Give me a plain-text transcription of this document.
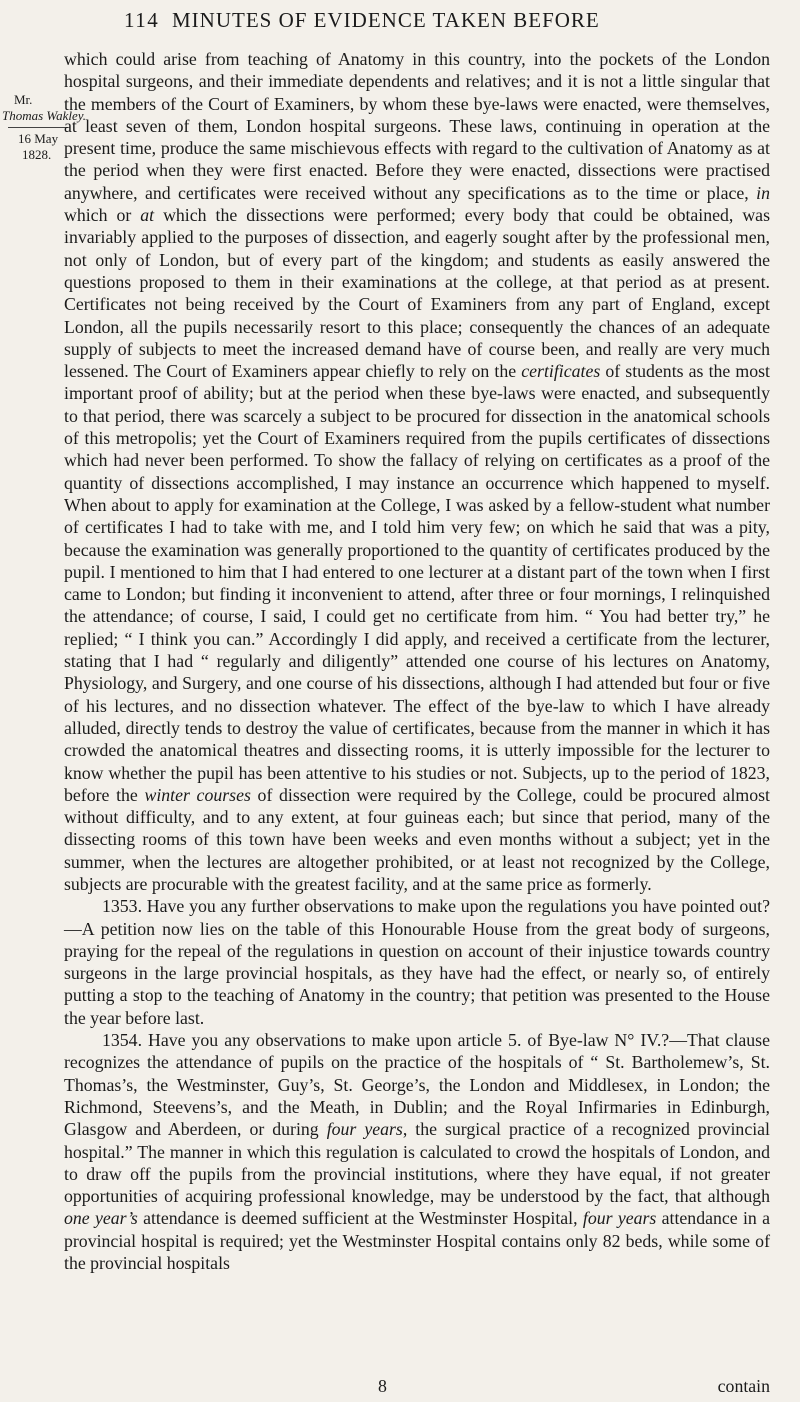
114 MINUTES OF EVIDENCE TAKEN BEFORE
Mr.
Thomas Wakley.
16 May
1828.

which could arise from teaching of Anatomy in this country, into the pockets of the London hospital surgeons, and their immediate dependents and relatives; and it is not a little singular that the members of the Court of Examiners, by whom these bye-laws were enacted, were themselves, at least seven of them, London hospital surgeons. These laws, continuing in operation at the present time, produce the same mischievous effects with regard to the cultivation of Anatomy as at the period when they were first enacted. Before they were enacted, dissections were practised anywhere, and certificates were received without any specifications as to the time or place, in which or at which the dissections were performed; every body that could be obtained, was invariably applied to the purposes of dissection, and eagerly sought after by the professional men, not only of London, but of every part of the kingdom; and students as easily answered the questions proposed to them in their examinations at the college, at that period as at present. Certificates not being received by the Court of Examiners from any part of England, except London, all the pupils necessarily resort to this place; consequently the chances of an adequate supply of subjects to meet the increased demand have of course been, and really are very much lessened. The Court of Examiners appear chiefly to rely on the certificates of students as the most important proof of ability; but at the period when these bye-laws were enacted, and subsequently to that period, there was scarcely a subject to be procured for dissection in the anatomical schools of this metropolis; yet the Court of Examiners required from the pupils certificates of dissections which had never been performed. To show the fallacy of relying on certificates as a proof of the quantity of dissections accomplished, I may instance an occurrence which happened to myself. When about to apply for examination at the College, I was asked by a fellow-student what number of certificates I had to take with me, and I told him very few; on which he said that was a pity, because the examination was generally proportioned to the quantity of certificates produced by the pupil. I mentioned to him that I had entered to one lecturer at a distant part of the town when I first came to London; but finding it inconvenient to attend, after three or four mornings, I relinquished the attendance; of course, I said, I could get no certificate from him. “ You had better try,” he replied; “ I think you can.” Accordingly I did apply, and received a certificate from the lecturer, stating that I had “ regularly and diligently” attended one course of his lectures on Anatomy, Physiology, and Surgery, and one course of his dissections, although I had attended but four or five of his lectures, and no dissection whatever. The effect of the bye-law to which I have already alluded, directly tends to destroy the value of certificates, because from the manner in which it has crowded the anatomical theatres and dissecting rooms, it is utterly impossible for the lecturer to know whether the pupil has been attentive to his studies or not. Subjects, up to the period of 1823, before the winter courses of dissection were required by the College, could be procured almost without difficulty, and to any extent, at four guineas each; but since that period, many of the dissecting rooms of this town have been weeks and even months without a subject; yet in the summer, when the lectures are altogether prohibited, or at least not recognized by the College, subjects are procurable with the greatest facility, and at the same price as formerly.

1353. Have you any further observations to make upon the regulations you have pointed out?—A petition now lies on the table of this Honourable House from the great body of surgeons, praying for the repeal of the regulations in question on account of their injustice towards country surgeons in the large provincial hospitals, as they have had the effect, or nearly so, of entirely putting a stop to the teaching of Anatomy in the country; that petition was presented to the House the year before last.

1354. Have you any observations to make upon article 5. of Bye-law N° IV.?—That clause recognizes the attendance of pupils on the practice of the hospitals of “ St. Bartholemew’s, St. Thomas’s, the Westminster, Guy’s, St. George’s, the London and Middlesex, in London; the Richmond, Steevens’s, and the Meath, in Dublin; and the Royal Infirmaries in Edinburgh, Glasgow and Aberdeen, or during four years, the surgical practice of a recognized provincial hospital.” The manner in which this regulation is calculated to crowd the hospitals of London, and to draw off the pupils from the provincial institutions, where they have equal, if not greater opportunities of acquiring professional knowledge, may be understood by the fact, that although one year’s attendance is deemed sufficient at the Westminster Hospital, four years attendance in a provincial hospital is required; yet the Westminster Hospital contains only 82 beds, while some of the provincial hospitals

8	contain
